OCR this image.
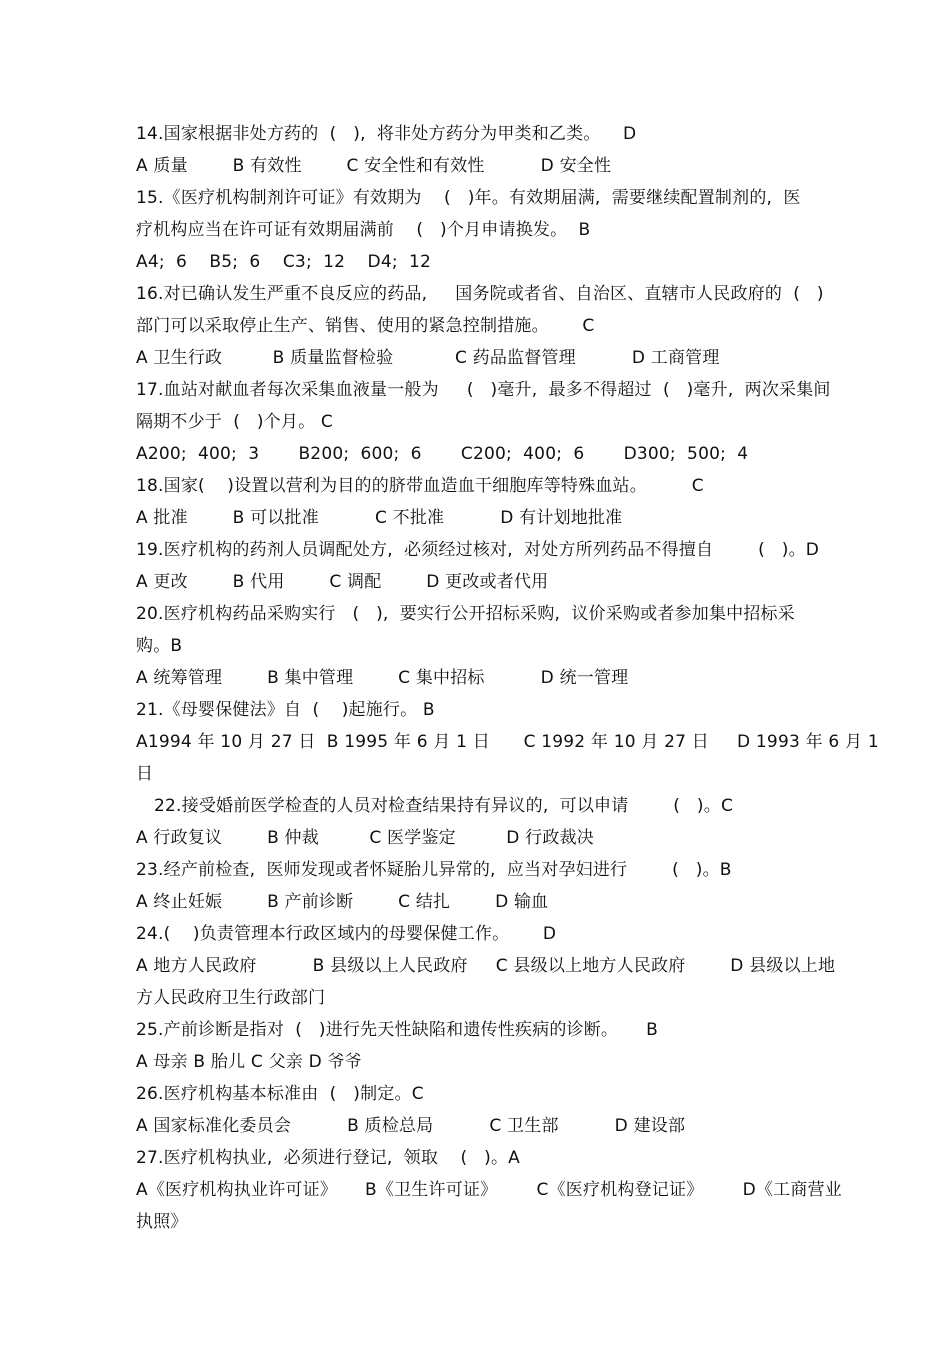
14.国家根据非处方药的  (   ),  将非处方药分为甲类和乙类。    D
A 质量        B 有效性        C 安全性和有效性          D 安全性
15.《医疗机构制剂许可证》有效期为    (   )年。有效期届满,  需要继续配置制剂的,  医
疗机构应当在许可证有效期届满前    (   )个月申请换发。  B
A4;  6    B5;  6    C3;  12    D4;  12
16.对已确认发生严重不良反应的药品,     国务院或者省、自治区、直辖市人民政府的  (   )
部门可以采取停止生产、销售、使用的紧急控制措施。      C
A 卫生行政         B 质量监督检验           C 药品监督管理          D 工商管理
17.血站对献血者每次采集血液量一般为     (   )毫升,  最多不得超过  (   )毫升,  两次采集间
隔期不少于  (   )个月。 C
A200;  400;  3       B200;  600;  6       C200;  400;  6       D300;  500;  4
18.国家(    )设置以营利为目的的脐带血造血干细胞库等特殊血站。        C
A 批准        B 可以批准          C 不批准          D 有计划地批准
19.医疗机构的药剂人员调配处方,  必须经过核对,  对处方所列药品不得擅自        (   )。D
A 更改        B 代用        C 调配        D 更改或者代用
20.医疗机构药品采购实行   (   ),  要实行公开招标采购,  议价采购或者参加集中招标采
购。B
A 统筹管理        B 集中管理        C 集中招标          D 统一管理
21.《母婴保健法》自  (    )起施行。 B
A1994 年 10 月 27 日  B 1995 年 6 月 1 日      C 1992 年 10 月 27 日     D 1993 年 6 月 1
日
22.接受婚前医学检查的人员对检查结果持有异议的,  可以申请        (   )。C
A 行政复议        B 仲裁         C 医学鉴定         D 行政裁决
23.经产前检查,  医师发现或者怀疑胎儿异常的,  应当对孕妇进行        (   )。B
A 终止妊娠        B 产前诊断        C 结扎        D 输血
24.(    )负责管理本行政区域内的母婴保健工作。      D
A 地方人民政府          B 县级以上人民政府     C 县级以上地方人民政府        D 县级以上地
方人民政府卫生行政部门
25.产前诊断是指对  (   )进行先天性缺陷和遗传性疾病的诊断。     B
A 母亲 B 胎儿 C 父亲 D 爷爷
26.医疗机构基本标准由  (   )制定。C
A 国家标准化委员会          B 质检总局          C 卫生部          D 建设部
27.医疗机构执业,  必须进行登记,  领取    (   )。A
A《医疗机构执业许可证》     B《卫生许可证》       C《医疗机构登记证》       D《工商营业
执照》
